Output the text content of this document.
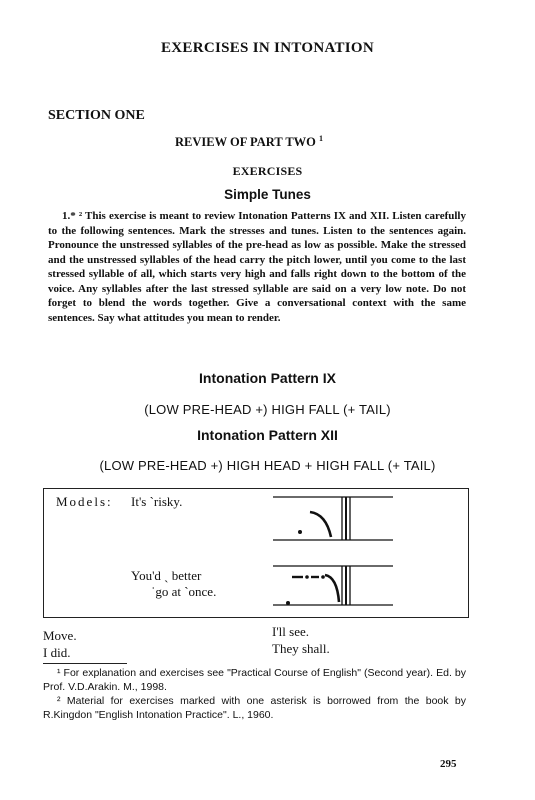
EXERCISES IN INTONATION
SECTION ONE
REVIEW OF PART TWO $^1$
EXERCISES
Simple Tunes
1.* ² This exercise is meant to review Intonation Patterns IX and XII. Listen carefully to the following sentences. Mark the stresses and tunes. Listen to the sentences again. Pronounce the unstressed syllables of the pre-head as low as possible. Make the stressed and the unstressed syllables of the head carry the pitch lower, until you come to the last stressed syllable of all, which starts very high and falls right down to the bottom of the voice. Any syllables after the last stressed syllable are said on a very low note. Do not forget to blend the words together. Give a conversational context with the same sentences. Say what attitudes you mean to render.
Intonation Pattern IX
(LOW PRE-HEAD +) HIGH FALL (+ TAIL)
Intonation Pattern XII
(LOW PRE-HEAD +) HIGH HEAD + HIGH FALL (+ TAIL)
Models: It's ˋrisky.
You'd ˎ better
ˈgo at ˋonce.
Move.
I did.
I'll see.
They shall.
¹ For explanation and exercises see "Practical Course of English" (Second year). Ed. by Prof. V.D.Arakin. M., 1998.
² Material for exercises marked with one asterisk is borrowed from the book by R.Kingdon "English Intonation Practice". L., 1960.
295
